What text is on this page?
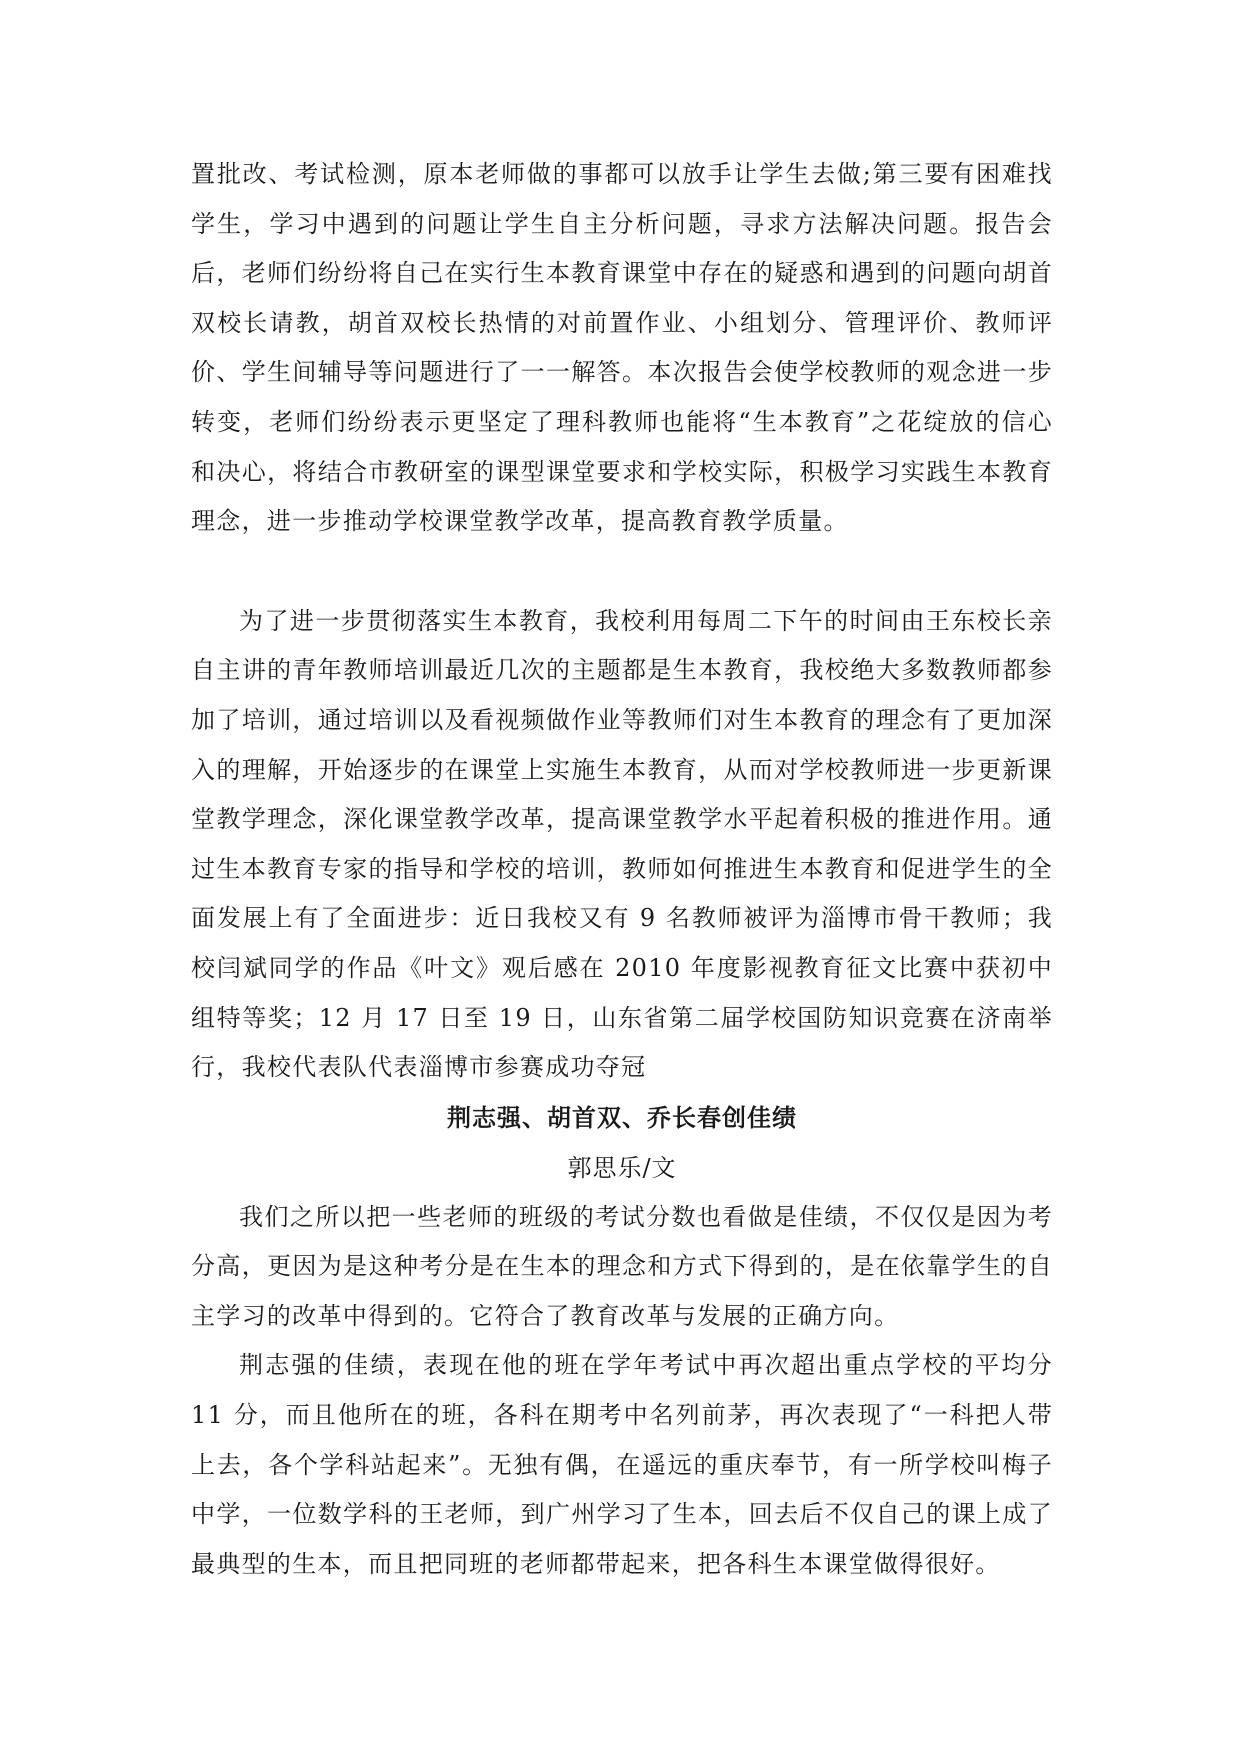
置批改、考试检测，原本老师做的事都可以放手让学生去做;第三要有困难找学生，学习中遇到的问题让学生自主分析问题，寻求方法解决问题。报告会后，老师们纷纷将自己在实行生本教育课堂中存在的疑惑和遇到的问题向胡首双校长请教，胡首双校长热情的对前置作业、小组划分、管理评价、教师评价、学生间辅导等问题进行了一一解答。本次报告会使学校教师的观念进一步转变，老师们纷纷表示更坚定了理科教师也能将“生本教育”之花绽放的信心和决心，将结合市教研室的课型课堂要求和学校实际，积极学习实践生本教育理念，进一步推动学校课堂教学改革，提高教育教学质量。

为了进一步贯彻落实生本教育，我校利用每周二下午的时间由王东校长亲自主讲的青年教师培训最近几次的主题都是生本教育，我校绝大多数教师都参加了培训，通过培训以及看视频做作业等教师们对生本教育的理念有了更加深入的理解，开始逐步的在课堂上实施生本教育，从而对学校教师进一步更新课堂教学理念，深化课堂教学改革，提高课堂教学水平起着积极的推进作用。通过生本教育专家的指导和学校的培训，教师如何推进生本教育和促进学生的全面发展上有了全面进步：近日我校又有 9 名教师被评为淄博市骨干教师；我校闫斌同学的作品《叶文》观后感在 2010 年度影视教育征文比赛中获初中组特等奖；12 月 17 日至 19 日，山东省第二届学校国防知识竞赛在济南举行，我校代表队代表淄博市参赛成功夺冠

荆志强、胡首双、乔长春创佳绩

郭思乐/文

我们之所以把一些老师的班级的考试分数也看做是佳绩，不仅仅是因为考分高，更因为是这种考分是在生本的理念和方式下得到的，是在依靠学生的自主学习的改革中得到的。它符合了教育改革与发展的正确方向。

荆志强的佳绩，表现在他的班在学年考试中再次超出重点学校的平均分 11 分，而且他所在的班，各科在期考中名列前茅，再次表现了“一科把人带上去，各个学科站起来”。无独有偶，在遥远的重庆奉节，有一所学校叫梅子中学，一位数学科的王老师，到广州学习了生本，回去后不仅自己的课上成了最典型的生本，而且把同班的老师都带起来，把各科生本课堂做得很好。
